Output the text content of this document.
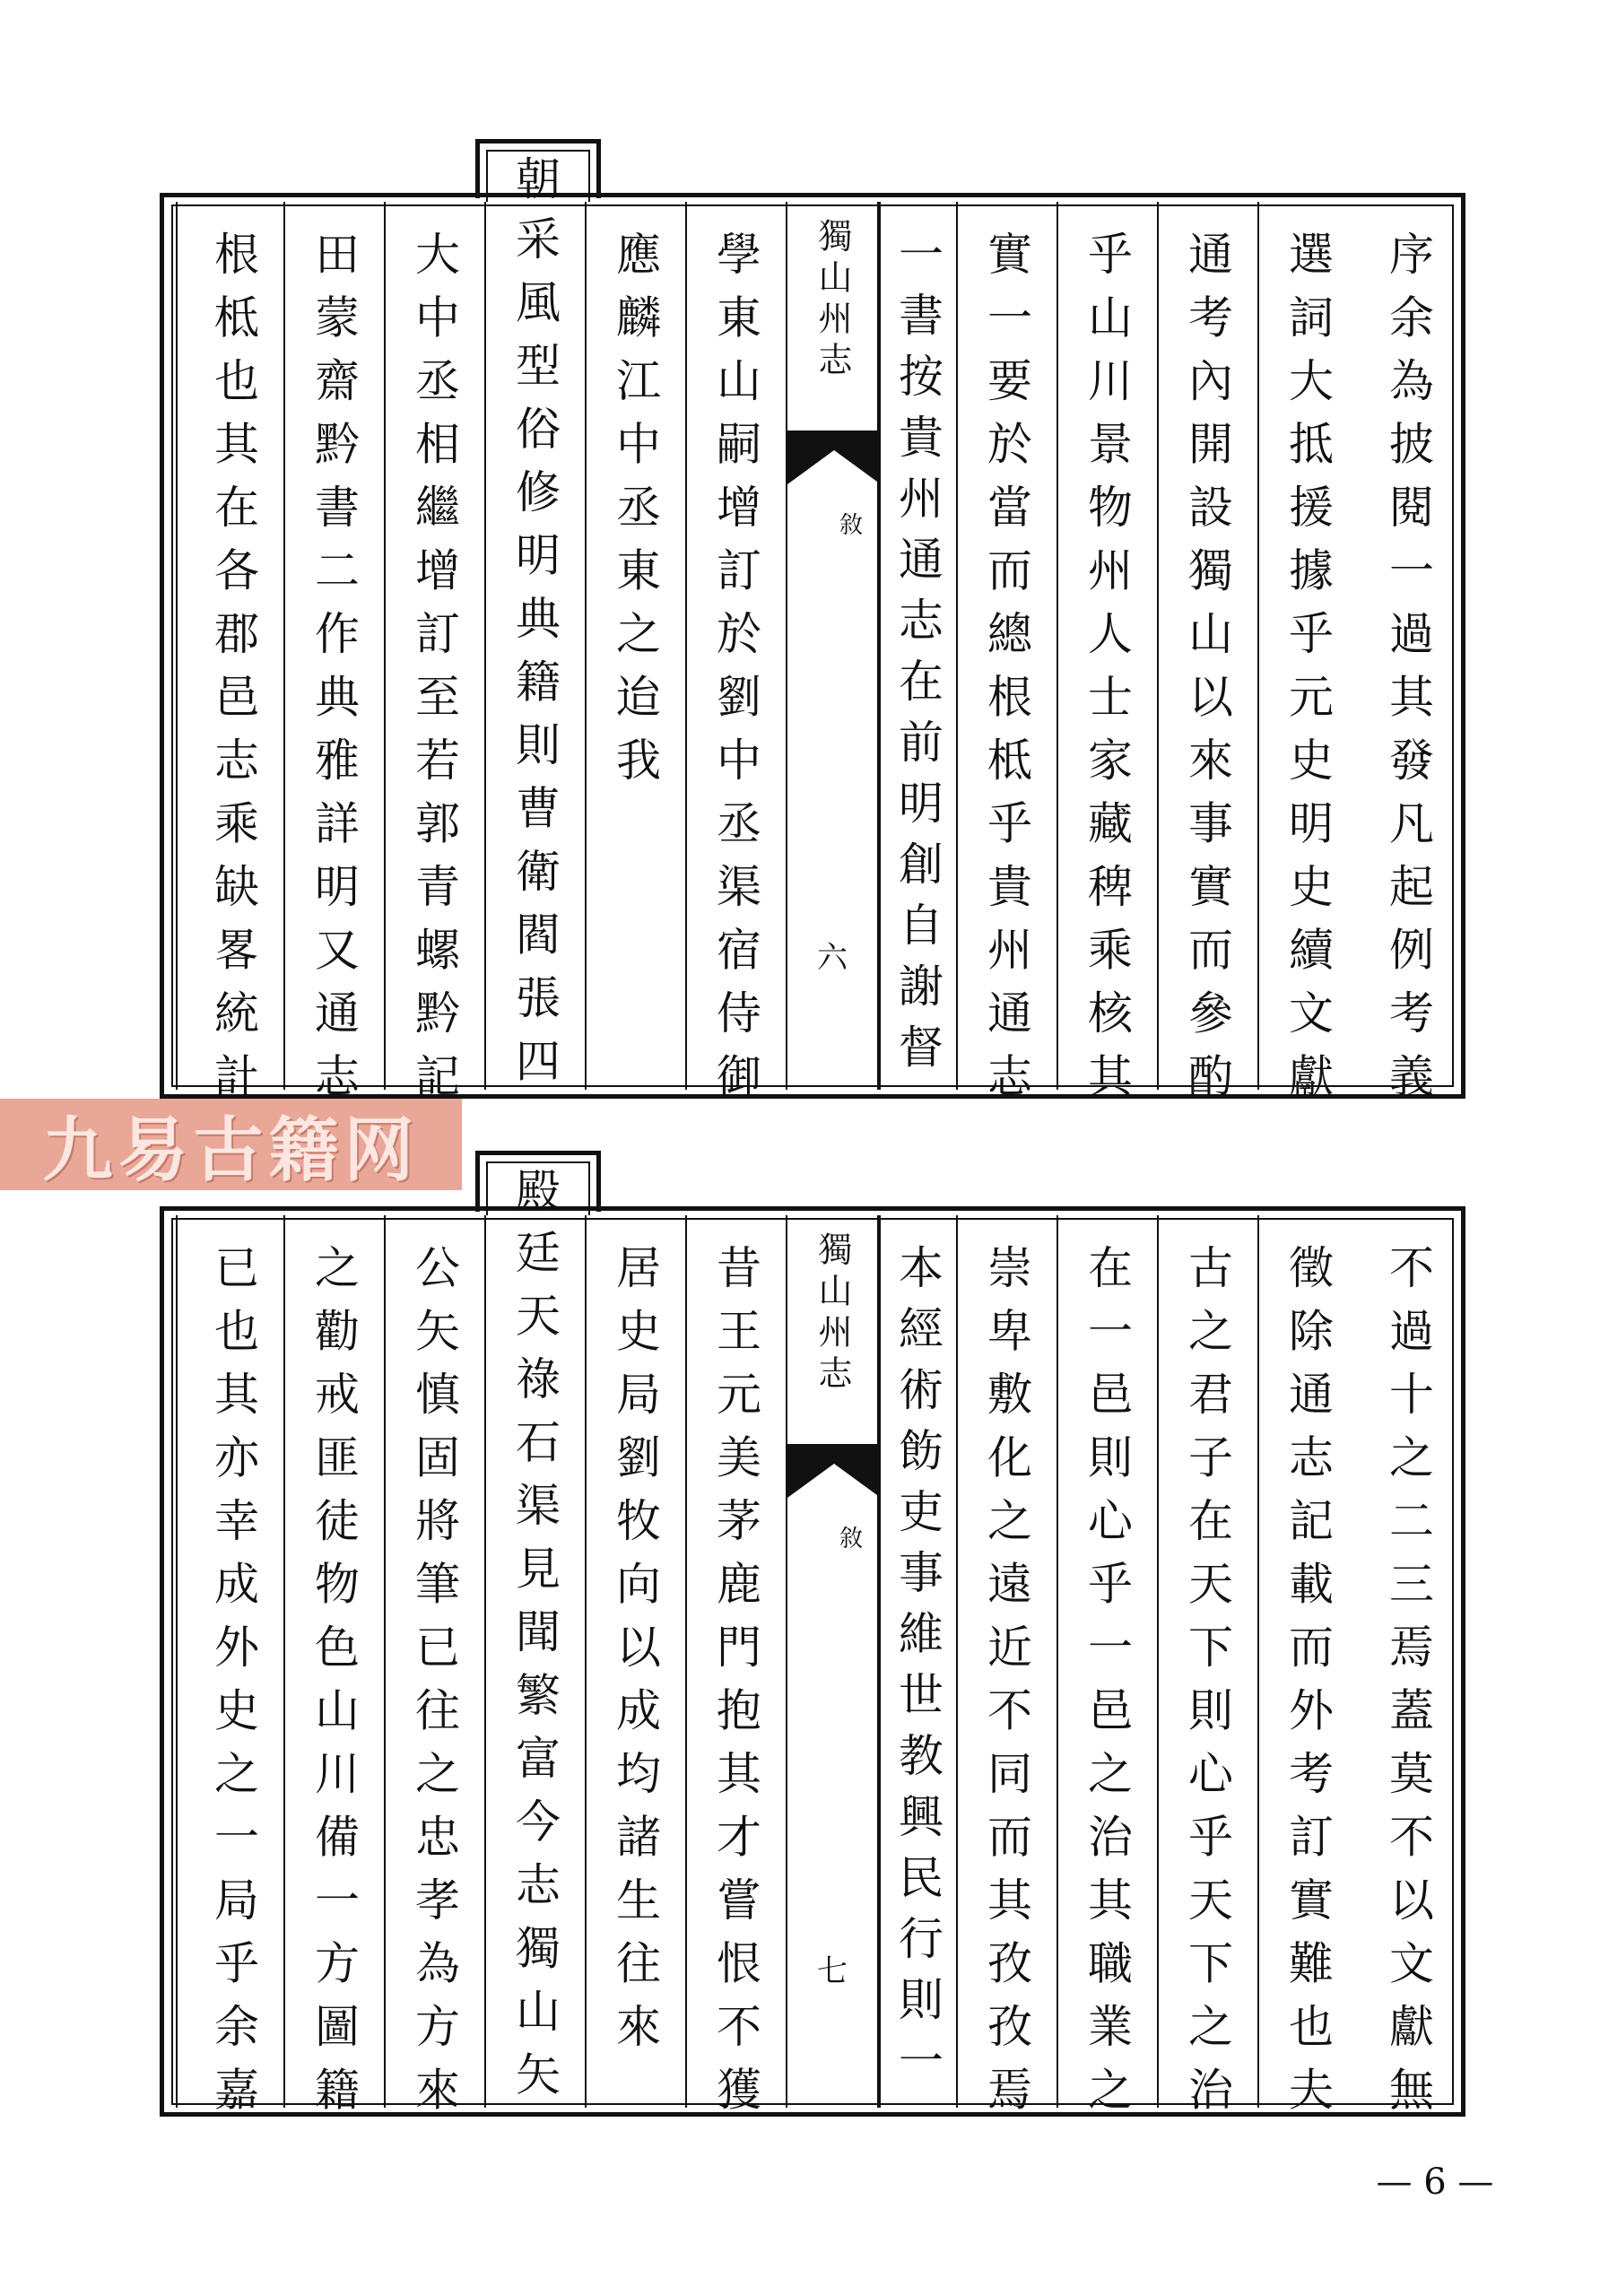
九易古籍网
朝
序余為披閱一過其發凡起例考義
選詞大抵援據乎元史明史續文獻
通考內開設獨山以來事實而參酌
乎山川景物州人士家藏稗乘核其
實一要於當而總根柢乎貴州通志
一書按貴州通志在前明創自謝督
獨山州志
敘
六
學東山嗣增訂於劉中丞渠宿侍御
應麟江中丞東之迨我
采風型俗修明典籍則曹衛閻張四
大中丞相繼增訂至若郭青螺黔記
田蒙齋黔書二作典雅詳明又通志
根柢也其在各郡邑志乘缺畧統計
殿
不過十之二三焉蓋莫不以文獻無
徵除通志記載而外考訂實難也夫
古之君子在天下則心乎天下之治
在一邑則心乎一邑之治其職業之
崇卑敷化之遠近不同而其孜孜焉
本經術飭吏事維世教興民行則一
獨山州志
敘
七
昔王元美茅鹿門抱其才嘗恨不獲
居史局劉牧向以成均諸生往來
廷天祿石渠見聞繁富今志獨山矢
公矢慎固將筆已往之忠孝為方來
之勸戒匪徒物色山川備一方圖籍
已也其亦幸成外史之一局乎余嘉
— 6 —
